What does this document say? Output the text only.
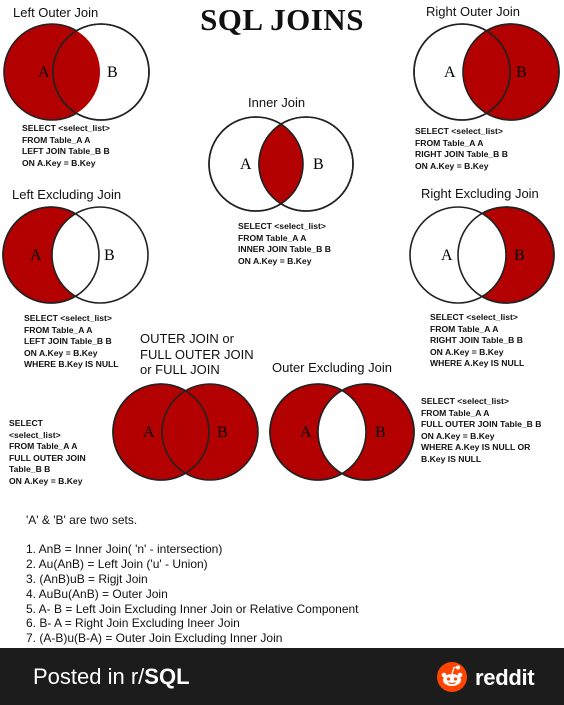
A	B	A	B
A	B
A	B	A	B
A	B	A	B
SQL JOINS
Left Outer Join	Right Outer Join
Inner Join
Left Excluding Join	Right Excluding Join
OUTER JOIN or
FULL OUTER JOIN
or FULL JOIN	Outer Excluding Join
SELECT <select_list>
FROM Table_A A
LEFT JOIN Table_B B
ON A.Key = B.Key
SELECT <select_list>
FROM Table_A A
RIGHT JOIN Table_B B
ON A.Key = B.Key
SELECT <select_list>
FROM Table_A A
INNER JOIN Table_B B
ON A.Key = B.Key
SELECT <select_list>
FROM Table_A A
LEFT JOIN Table_B B
ON A.Key = B.Key
WHERE B.Key IS NULL
SELECT <select_list>
FROM Table_A A
RIGHT JOIN Table_B B
ON A.Key = B.Key
WHERE A.Key IS NULL
SELECT
<select_list>
FROM Table_A A
FULL OUTER JOIN
Table_B B
ON A.Key = B.Key
SELECT <select_list>
FROM Table_A A
FULL OUTER JOIN Table_B B
ON A.Key = B.Key
WHERE A.Key IS NULL OR
B.Key IS NULL
'A' & 'B' are two sets.
1. AnB = Inner Join( 'n' - intersection)
2. Au(AnB) = Left Join ('u' - Union)
3. (AnB)uB = Rigjt Join
4. AuBu(AnB) = Outer Join
5. A- B = Left Join Excluding Inner Join or Relative Component
6. B- A = Right Join Excluding Ineer Join
7. (A-B)u(B-A) = Outer Join Excluding Inner Join
Posted in r/SQL	reddit
